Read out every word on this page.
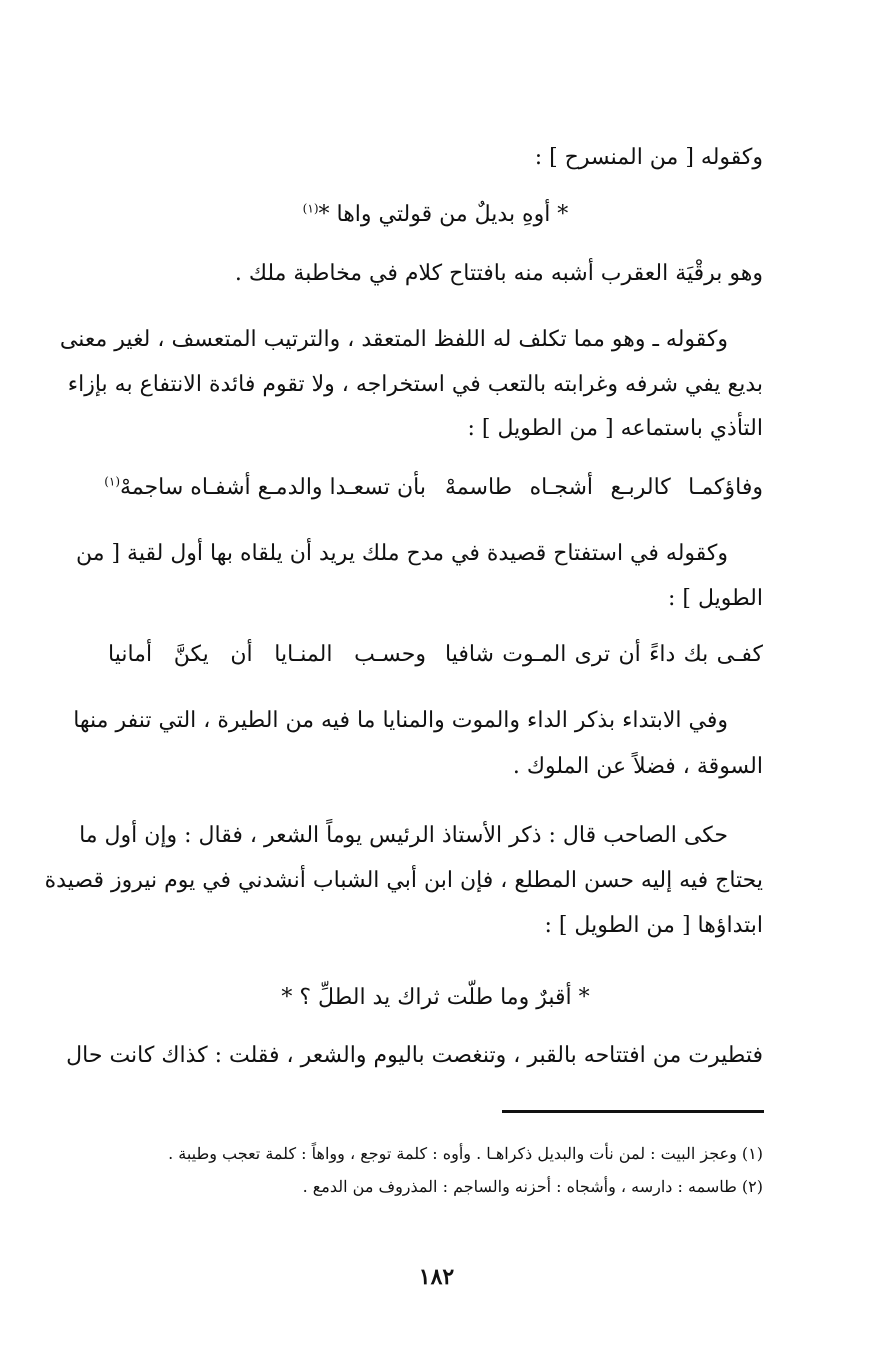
وكقوله [ من المنسرح ] :
* أوهِ بديلٌ من قولتي واها *$^{(١)}$
وهو برقْيَة العقرب أشبه منه بافتتاح كلام في مخاطبة ملك .
وكقوله ـ وهو مما تكلف له اللفظ المتعقد ، والترتيب المتعسف ، لغير معنى
بديع يفي شرفه وغرابته بالتعب في استخراجه ، ولا تقوم فائدة الانتفاع به بإزاء
التأذي باستماعه [ من الطويل ] :
وفاؤكمـا كالربـع أشجـاه طاسمهْ
بأن تسعـدا والدمـع أشفـاه ساجمهْ$^{(١)}$
وكقوله في استفتاح قصيدة في مدح ملك يريد أن يلقاه بها أول لقية [ من
الطويل ] :
كفـى بك داءً أن ترى المـوت شافيا
وحسـب المنـايا أن يكنَّ أمانيا
وفي الابتداء بذكر الداء والموت والمنايا ما فيه من الطيرة ، التي تنفر منها
السوقة ، فضلاً عن الملوك .
حكى الصاحب قال : ذكر الأستاذ الرئيس يوماً الشعر ، فقال : وإن أول ما
يحتاج فيه إليه حسن المطلع ، فإن ابن أبي الشباب أنشدني في يوم نيروز قصيدة
ابتداؤها [ من الطويل ] :
* أقبرٌ وما طلّت ثراك يد الطلِّ ؟ *
فتطيرت من افتتاحه بالقبر ، وتنغصت باليوم والشعر ، فقلت : كذاك كانت حال
(١) وعجز البيت : لمن نأت والبديل ذكراهـا . وأوه : كلمة توجع ، وواهاً : كلمة تعجب وطيبة .
(٢) طاسمه : دارسه ، وأشجاه : أحزنه والساجم : المذروف من الدمع .
١٨٢
